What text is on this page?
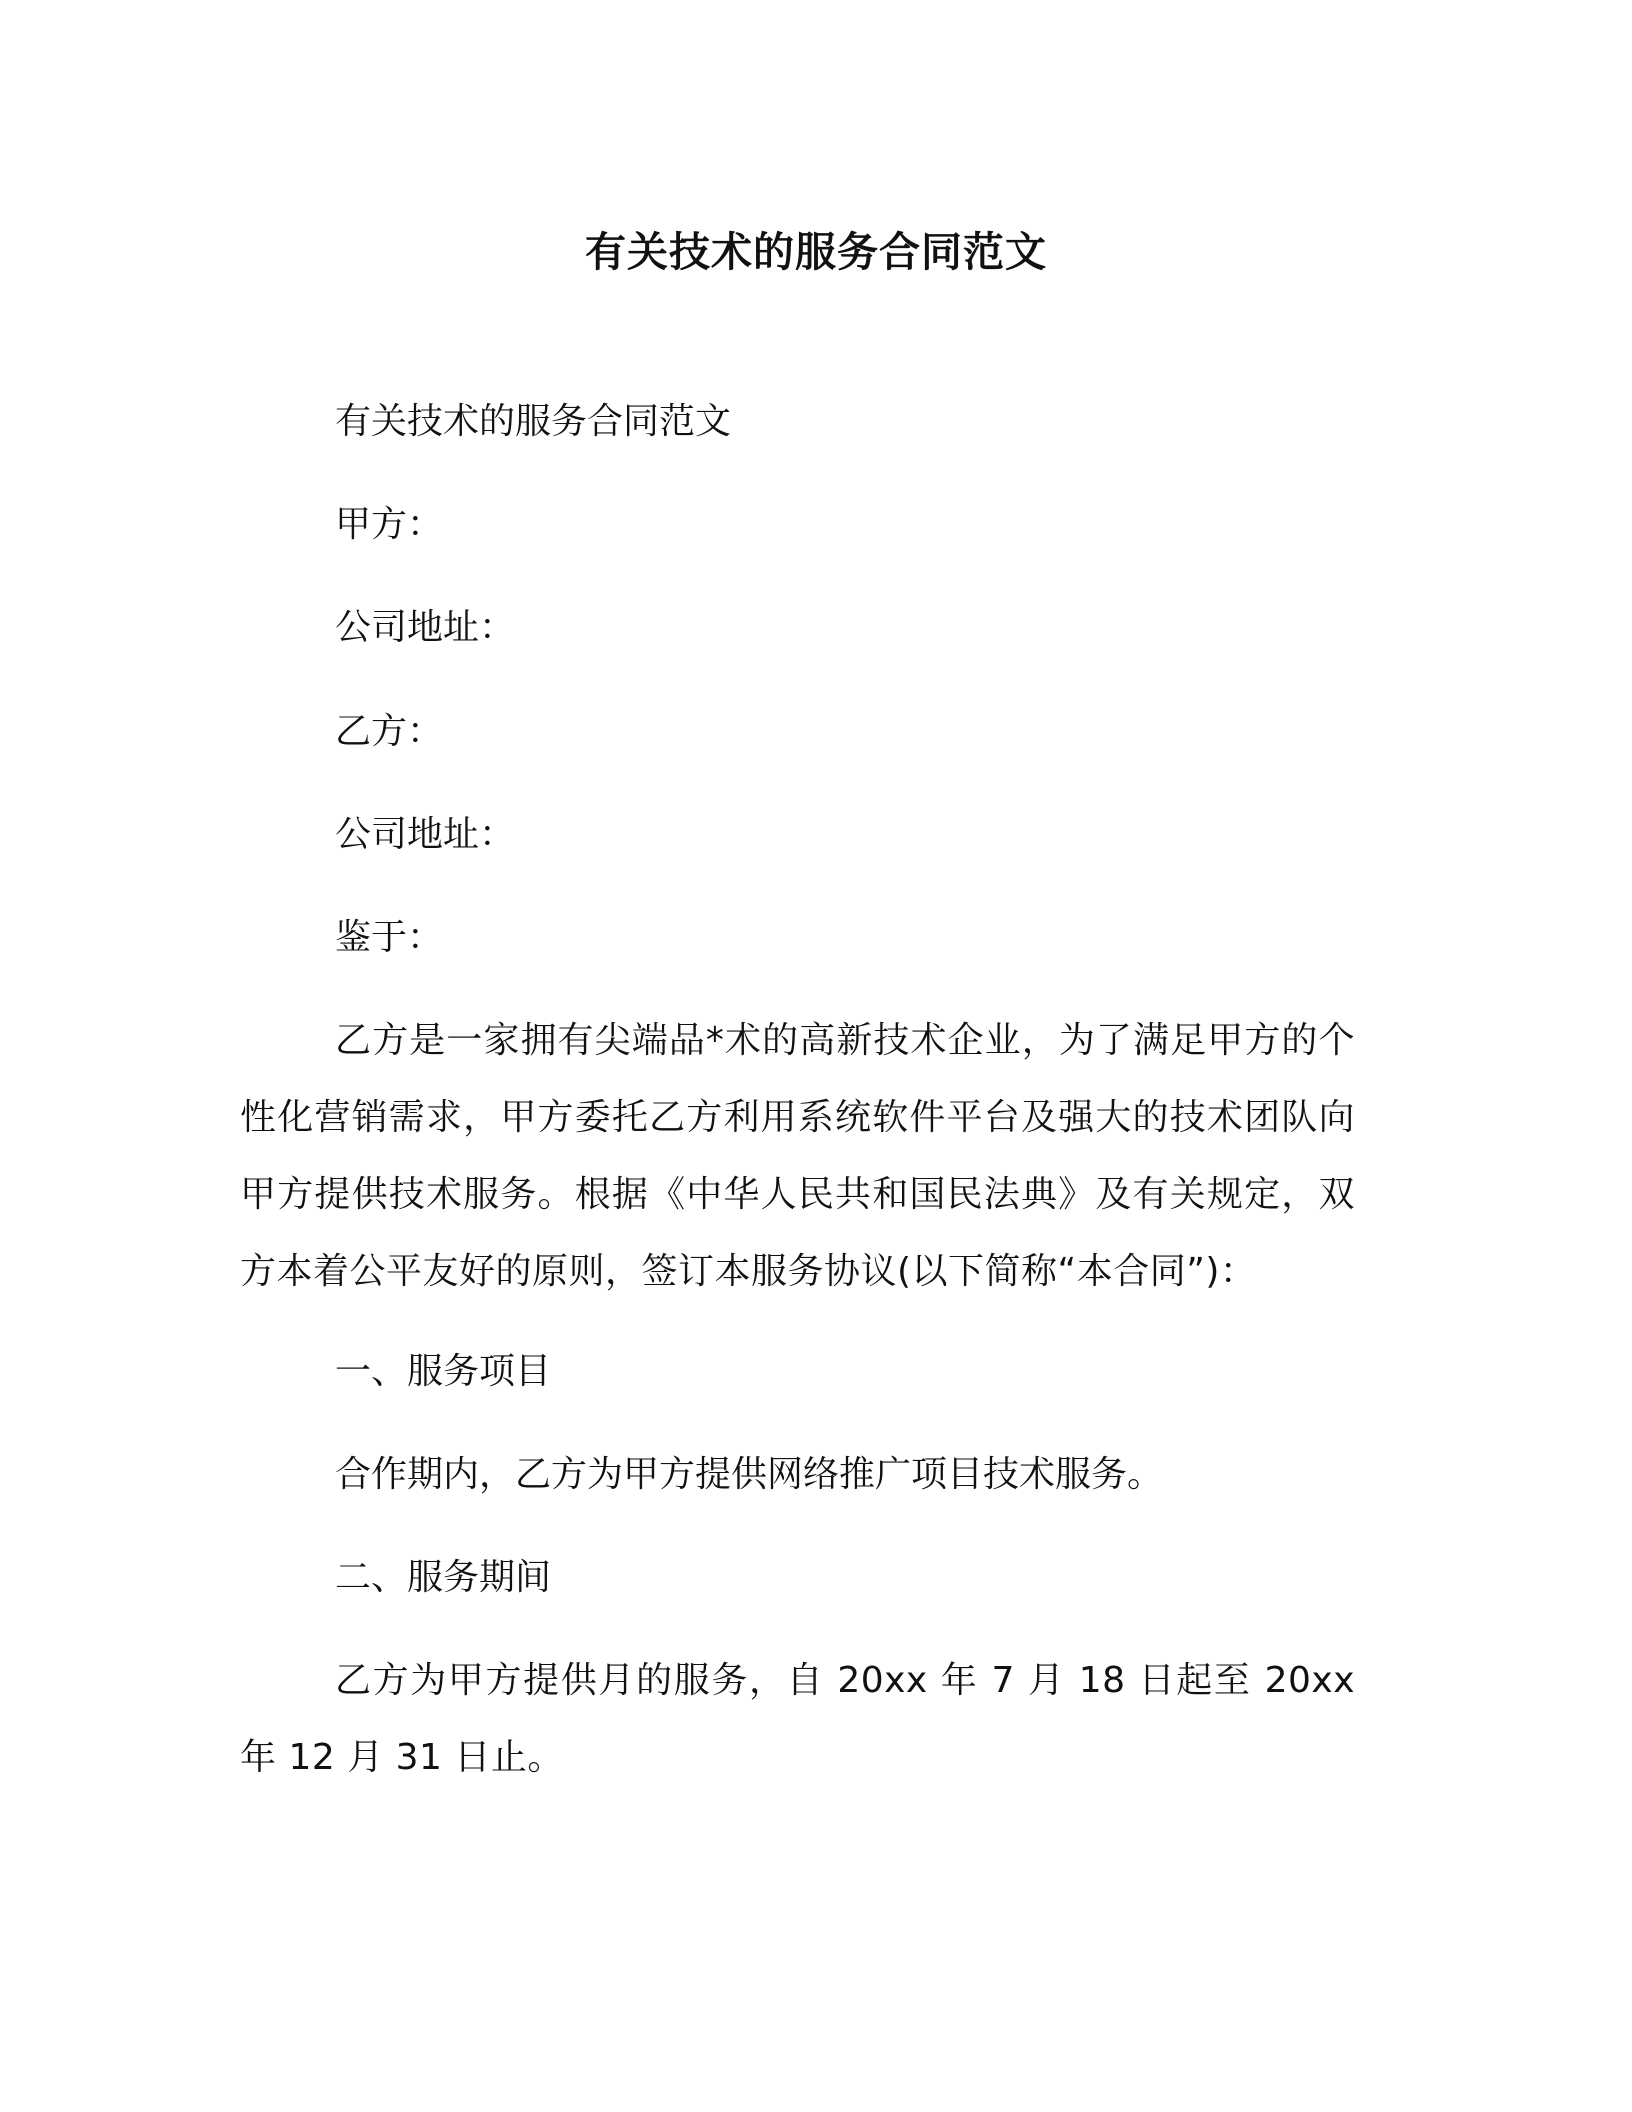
有关技术的服务合同范文
有关技术的服务合同范文
甲方：
公司地址：
乙方：
公司地址：
鉴于：

乙方是一家拥有尖端品*术的高新技术企业，为了满足甲方的个性化营销需求，甲方委托乙方利用系统软件平台及强大的技术团队向甲方提供技术服务。根据《中华人民共和国民法典》及有关规定，双方本着公平友好的原则，签订本服务协议(以下简称“本合同”)：

一、服务项目
合作期内，乙方为甲方提供网络推广项目技术服务。
二、服务期间

乙方为甲方提供月的服务，自 20xx 年 7 月 18 日起至 20xx 年 12 月 31 日止。
